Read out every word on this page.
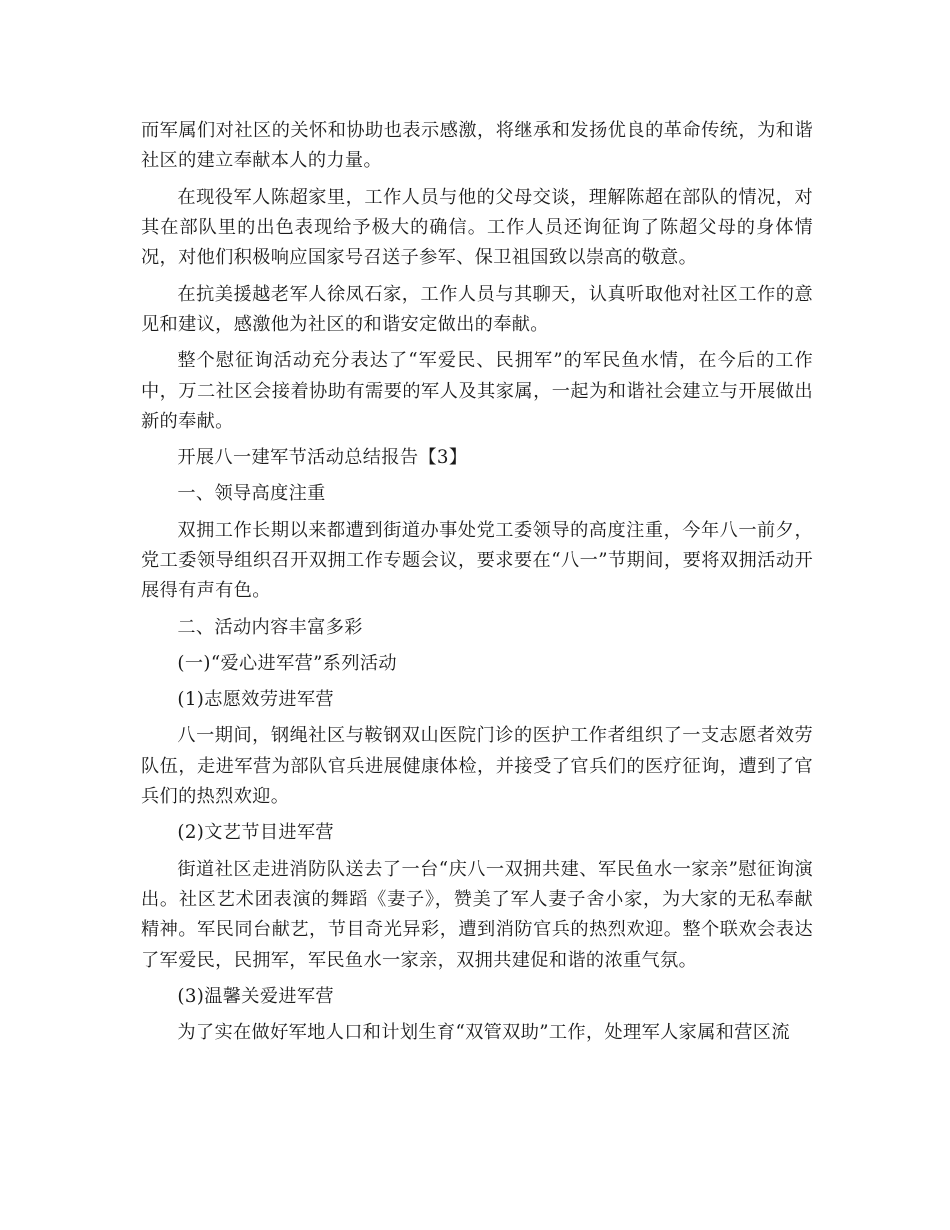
而军属们对社区的关怀和协助也表示感激，将继承和发扬优良的革命传统，为和谐社区的建立奉献本人的力量。

在现役军人陈超家里，工作人员与他的父母交谈，理解陈超在部队的情况，对其在部队里的出色表现给予极大的确信。工作人员还询征询了陈超父母的身体情况，对他们积极响应国家号召送子参军、保卫祖国致以崇高的敬意。

在抗美援越老军人徐凤石家，工作人员与其聊天，认真听取他对社区工作的意见和建议，感激他为社区的和谐安定做出的奉献。

整个慰征询活动充分表达了“军爱民、民拥军”的军民鱼水情，在今后的工作中，万二社区会接着协助有需要的军人及其家属，一起为和谐社会建立与开展做出新的奉献。

开展八一建军节活动总结报告【3】

一、领导高度注重

双拥工作长期以来都遭到街道办事处党工委领导的高度注重，今年八一前夕，党工委领导组织召开双拥工作专题会议，要求要在“八一”节期间，要将双拥活动开展得有声有色。

二、活动内容丰富多彩

(一)“爱心进军营”系列活动

(1)志愿效劳进军营

八一期间，钢绳社区与鞍钢双山医院门诊的医护工作者组织了一支志愿者效劳队伍，走进军营为部队官兵进展健康体检，并接受了官兵们的医疗征询，遭到了官兵们的热烈欢迎。

(2)文艺节目进军营

街道社区走进消防队送去了一台“庆八一双拥共建、军民鱼水一家亲”慰征询演出。社区艺术团表演的舞蹈《妻子》，赞美了军人妻子舍小家，为大家的无私奉献精神。军民同台献艺，节目奇光异彩，遭到消防官兵的热烈欢迎。整个联欢会表达了军爱民，民拥军，军民鱼水一家亲，双拥共建促和谐的浓重气氛。

(3)温馨关爱进军营

为了实在做好军地人口和计划生育“双管双助”工作，处理军人家属和营区流
